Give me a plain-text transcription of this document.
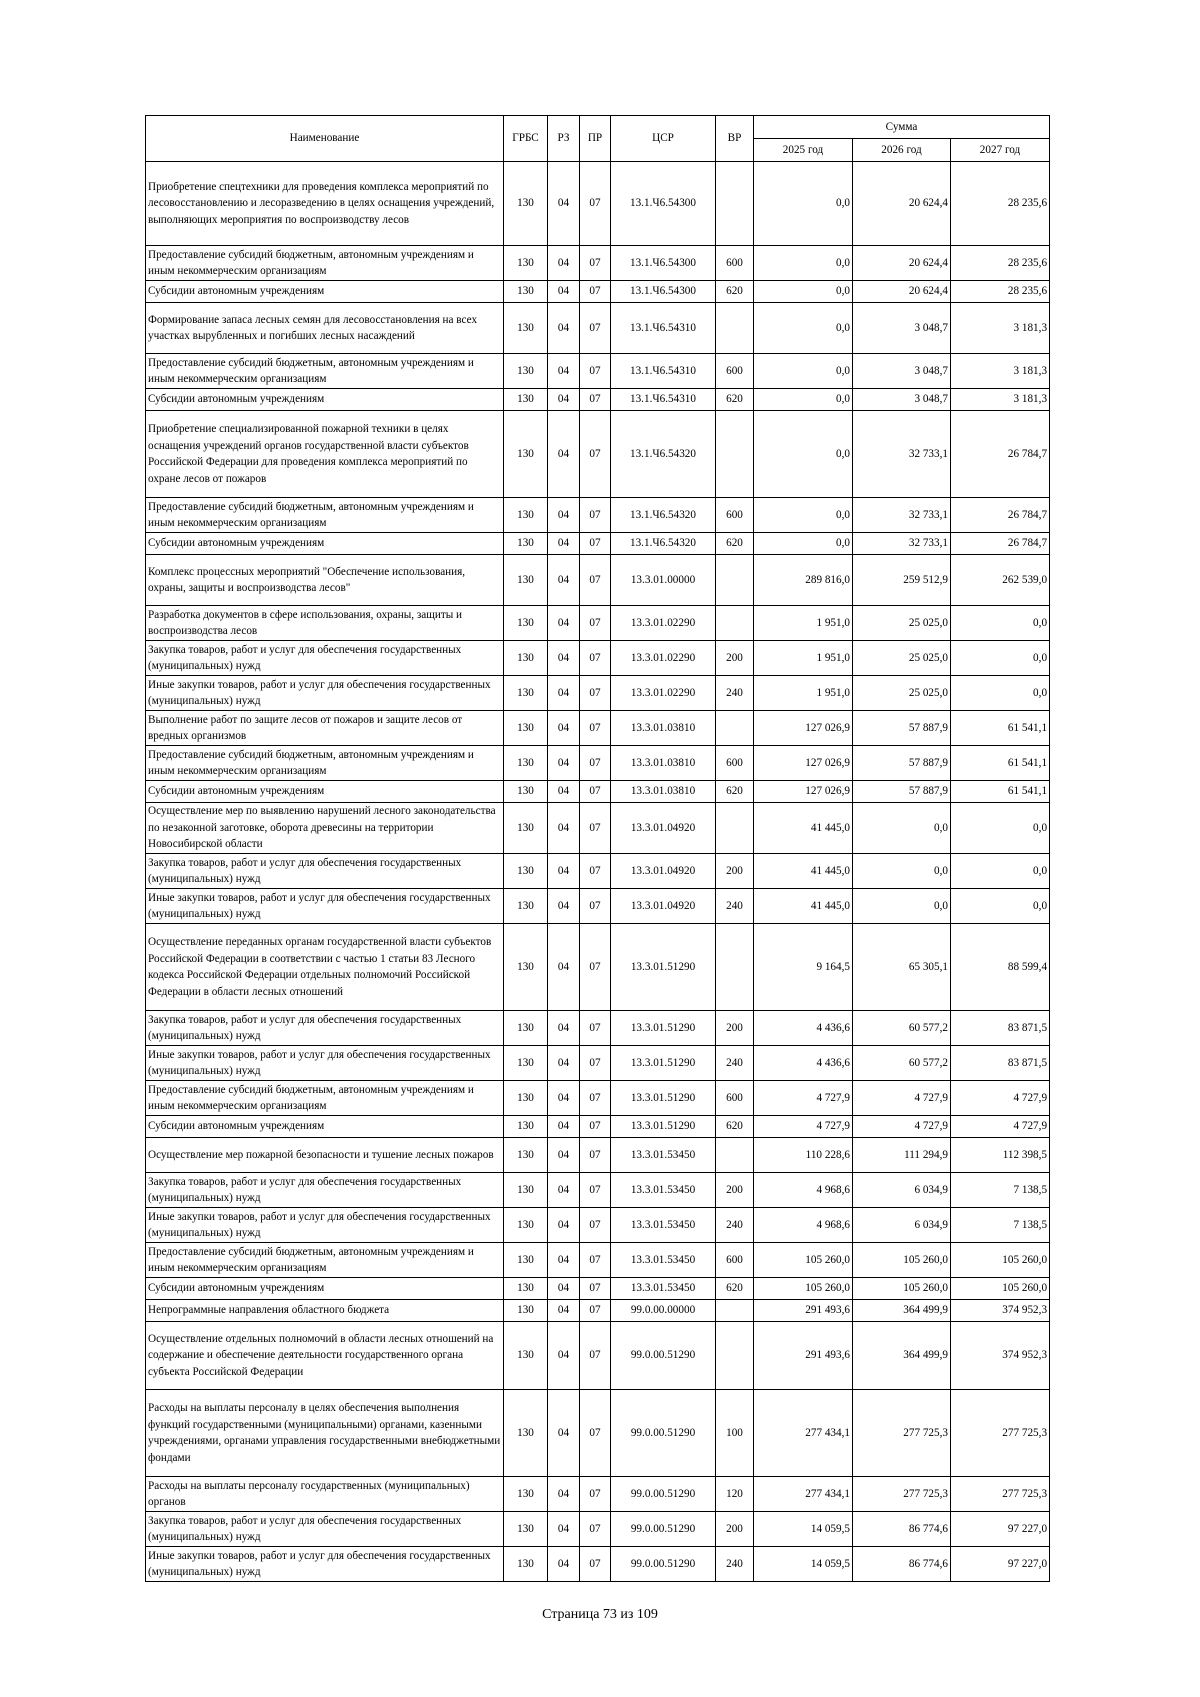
Наименование	ГРБС	РЗ	ПР	ЦСР	ВР	Сумма		
						2025 год	2026 год	2027 год
Приобретение спецтехники для проведения комплекса мероприятий по лесовосстановлению и лесоразведению в целях оснащения учреждений, выполняющих мероприятия по воспроизводству лесов	130	04	07	13.1.Ч6.54300		0,0	20 624,4	28 235,6
Предоставление субсидий бюджетным, автономным учреждениям и иным некоммерческим организациям	130	04	07	13.1.Ч6.54300	600	0,0	20 624,4	28 235,6
Субсидии автономным учреждениям	130	04	07	13.1.Ч6.54300	620	0,0	20 624,4	28 235,6
Формирование запаса лесных семян для лесовосстановления на всех участках вырубленных и погибших лесных насаждений	130	04	07	13.1.Ч6.54310		0,0	3 048,7	3 181,3
Предоставление субсидий бюджетным, автономным учреждениям и иным некоммерческим организациям	130	04	07	13.1.Ч6.54310	600	0,0	3 048,7	3 181,3
Субсидии автономным учреждениям	130	04	07	13.1.Ч6.54310	620	0,0	3 048,7	3 181,3
Приобретение специализированной пожарной техники в целях оснащения учреждений органов государственной власти субъектов Российской Федерации для проведения комплекса мероприятий по охране лесов от пожаров	130	04	07	13.1.Ч6.54320		0,0	32 733,1	26 784,7
Предоставление субсидий бюджетным, автономным учреждениям и иным некоммерческим организациям	130	04	07	13.1.Ч6.54320	600	0,0	32 733,1	26 784,7
Субсидии автономным учреждениям	130	04	07	13.1.Ч6.54320	620	0,0	32 733,1	26 784,7
Комплекс процессных мероприятий "Обеспечение использования, охраны, защиты и воспроизводства лесов"	130	04	07	13.3.01.00000		289 816,0	259 512,9	262 539,0
Разработка документов в сфере использования, охраны, защиты и воспроизводства лесов	130	04	07	13.3.01.02290		1 951,0	25 025,0	0,0
Закупка товаров, работ и услуг для обеспечения государственных (муниципальных) нужд	130	04	07	13.3.01.02290	200	1 951,0	25 025,0	0,0
Иные закупки товаров, работ и услуг для обеспечения государственных (муниципальных) нужд	130	04	07	13.3.01.02290	240	1 951,0	25 025,0	0,0
Выполнение работ по защите лесов от пожаров и защите лесов от вредных организмов	130	04	07	13.3.01.03810		127 026,9	57 887,9	61 541,1
Предоставление субсидий бюджетным, автономным учреждениям и иным некоммерческим организациям	130	04	07	13.3.01.03810	600	127 026,9	57 887,9	61 541,1
Субсидии автономным учреждениям	130	04	07	13.3.01.03810	620	127 026,9	57 887,9	61 541,1
Осуществление мер по выявлению нарушений лесного законодательства по незаконной заготовке, оборота древесины на территории Новосибирской области	130	04	07	13.3.01.04920		41 445,0	0,0	0,0
Закупка товаров, работ и услуг для обеспечения государственных (муниципальных) нужд	130	04	07	13.3.01.04920	200	41 445,0	0,0	0,0
Иные закупки товаров, работ и услуг для обеспечения государственных (муниципальных) нужд	130	04	07	13.3.01.04920	240	41 445,0	0,0	0,0
Осуществление переданных органам государственной власти субъектов Российской Федерации в соответствии с частью 1 статьи 83 Лесного кодекса Российской Федерации отдельных полномочий Российской Федерации в области лесных отношений	130	04	07	13.3.01.51290		9 164,5	65 305,1	88 599,4
Закупка товаров, работ и услуг для обеспечения государственных (муниципальных) нужд	130	04	07	13.3.01.51290	200	4 436,6	60 577,2	83 871,5
Иные закупки товаров, работ и услуг для обеспечения государственных (муниципальных) нужд	130	04	07	13.3.01.51290	240	4 436,6	60 577,2	83 871,5
Предоставление субсидий бюджетным, автономным учреждениям и иным некоммерческим организациям	130	04	07	13.3.01.51290	600	4 727,9	4 727,9	4 727,9
Субсидии автономным учреждениям	130	04	07	13.3.01.51290	620	4 727,9	4 727,9	4 727,9
Осуществление мер пожарной безопасности и тушение лесных пожаров	130	04	07	13.3.01.53450		110 228,6	111 294,9	112 398,5
Закупка товаров, работ и услуг для обеспечения государственных (муниципальных) нужд	130	04	07	13.3.01.53450	200	4 968,6	6 034,9	7 138,5
Иные закупки товаров, работ и услуг для обеспечения государственных (муниципальных) нужд	130	04	07	13.3.01.53450	240	4 968,6	6 034,9	7 138,5
Предоставление субсидий бюджетным, автономным учреждениям и иным некоммерческим организациям	130	04	07	13.3.01.53450	600	105 260,0	105 260,0	105 260,0
Субсидии автономным учреждениям	130	04	07	13.3.01.53450	620	105 260,0	105 260,0	105 260,0
Непрограммные направления областного бюджета	130	04	07	99.0.00.00000		291 493,6	364 499,9	374 952,3
Осуществление отдельных полномочий в области лесных отношений на содержание и обеспечение деятельности государственного органа субъекта Российской Федерации	130	04	07	99.0.00.51290		291 493,6	364 499,9	374 952,3
Расходы на выплаты персоналу в целях обеспечения выполнения функций государственными (муниципальными) органами, казенными учреждениями, органами управления государственными внебюджетными фондами	130	04	07	99.0.00.51290	100	277 434,1	277 725,3	277 725,3
Расходы на выплаты персоналу государственных (муниципальных) органов	130	04	07	99.0.00.51290	120	277 434,1	277 725,3	277 725,3
Закупка товаров, работ и услуг для обеспечения государственных (муниципальных) нужд	130	04	07	99.0.00.51290	200	14 059,5	86 774,6	97 227,0
Иные закупки товаров, работ и услуг для обеспечения государственных (муниципальных) нужд	130	04	07	99.0.00.51290	240	14 059,5	86 774,6	97 227,0
Страница 73 из 109
